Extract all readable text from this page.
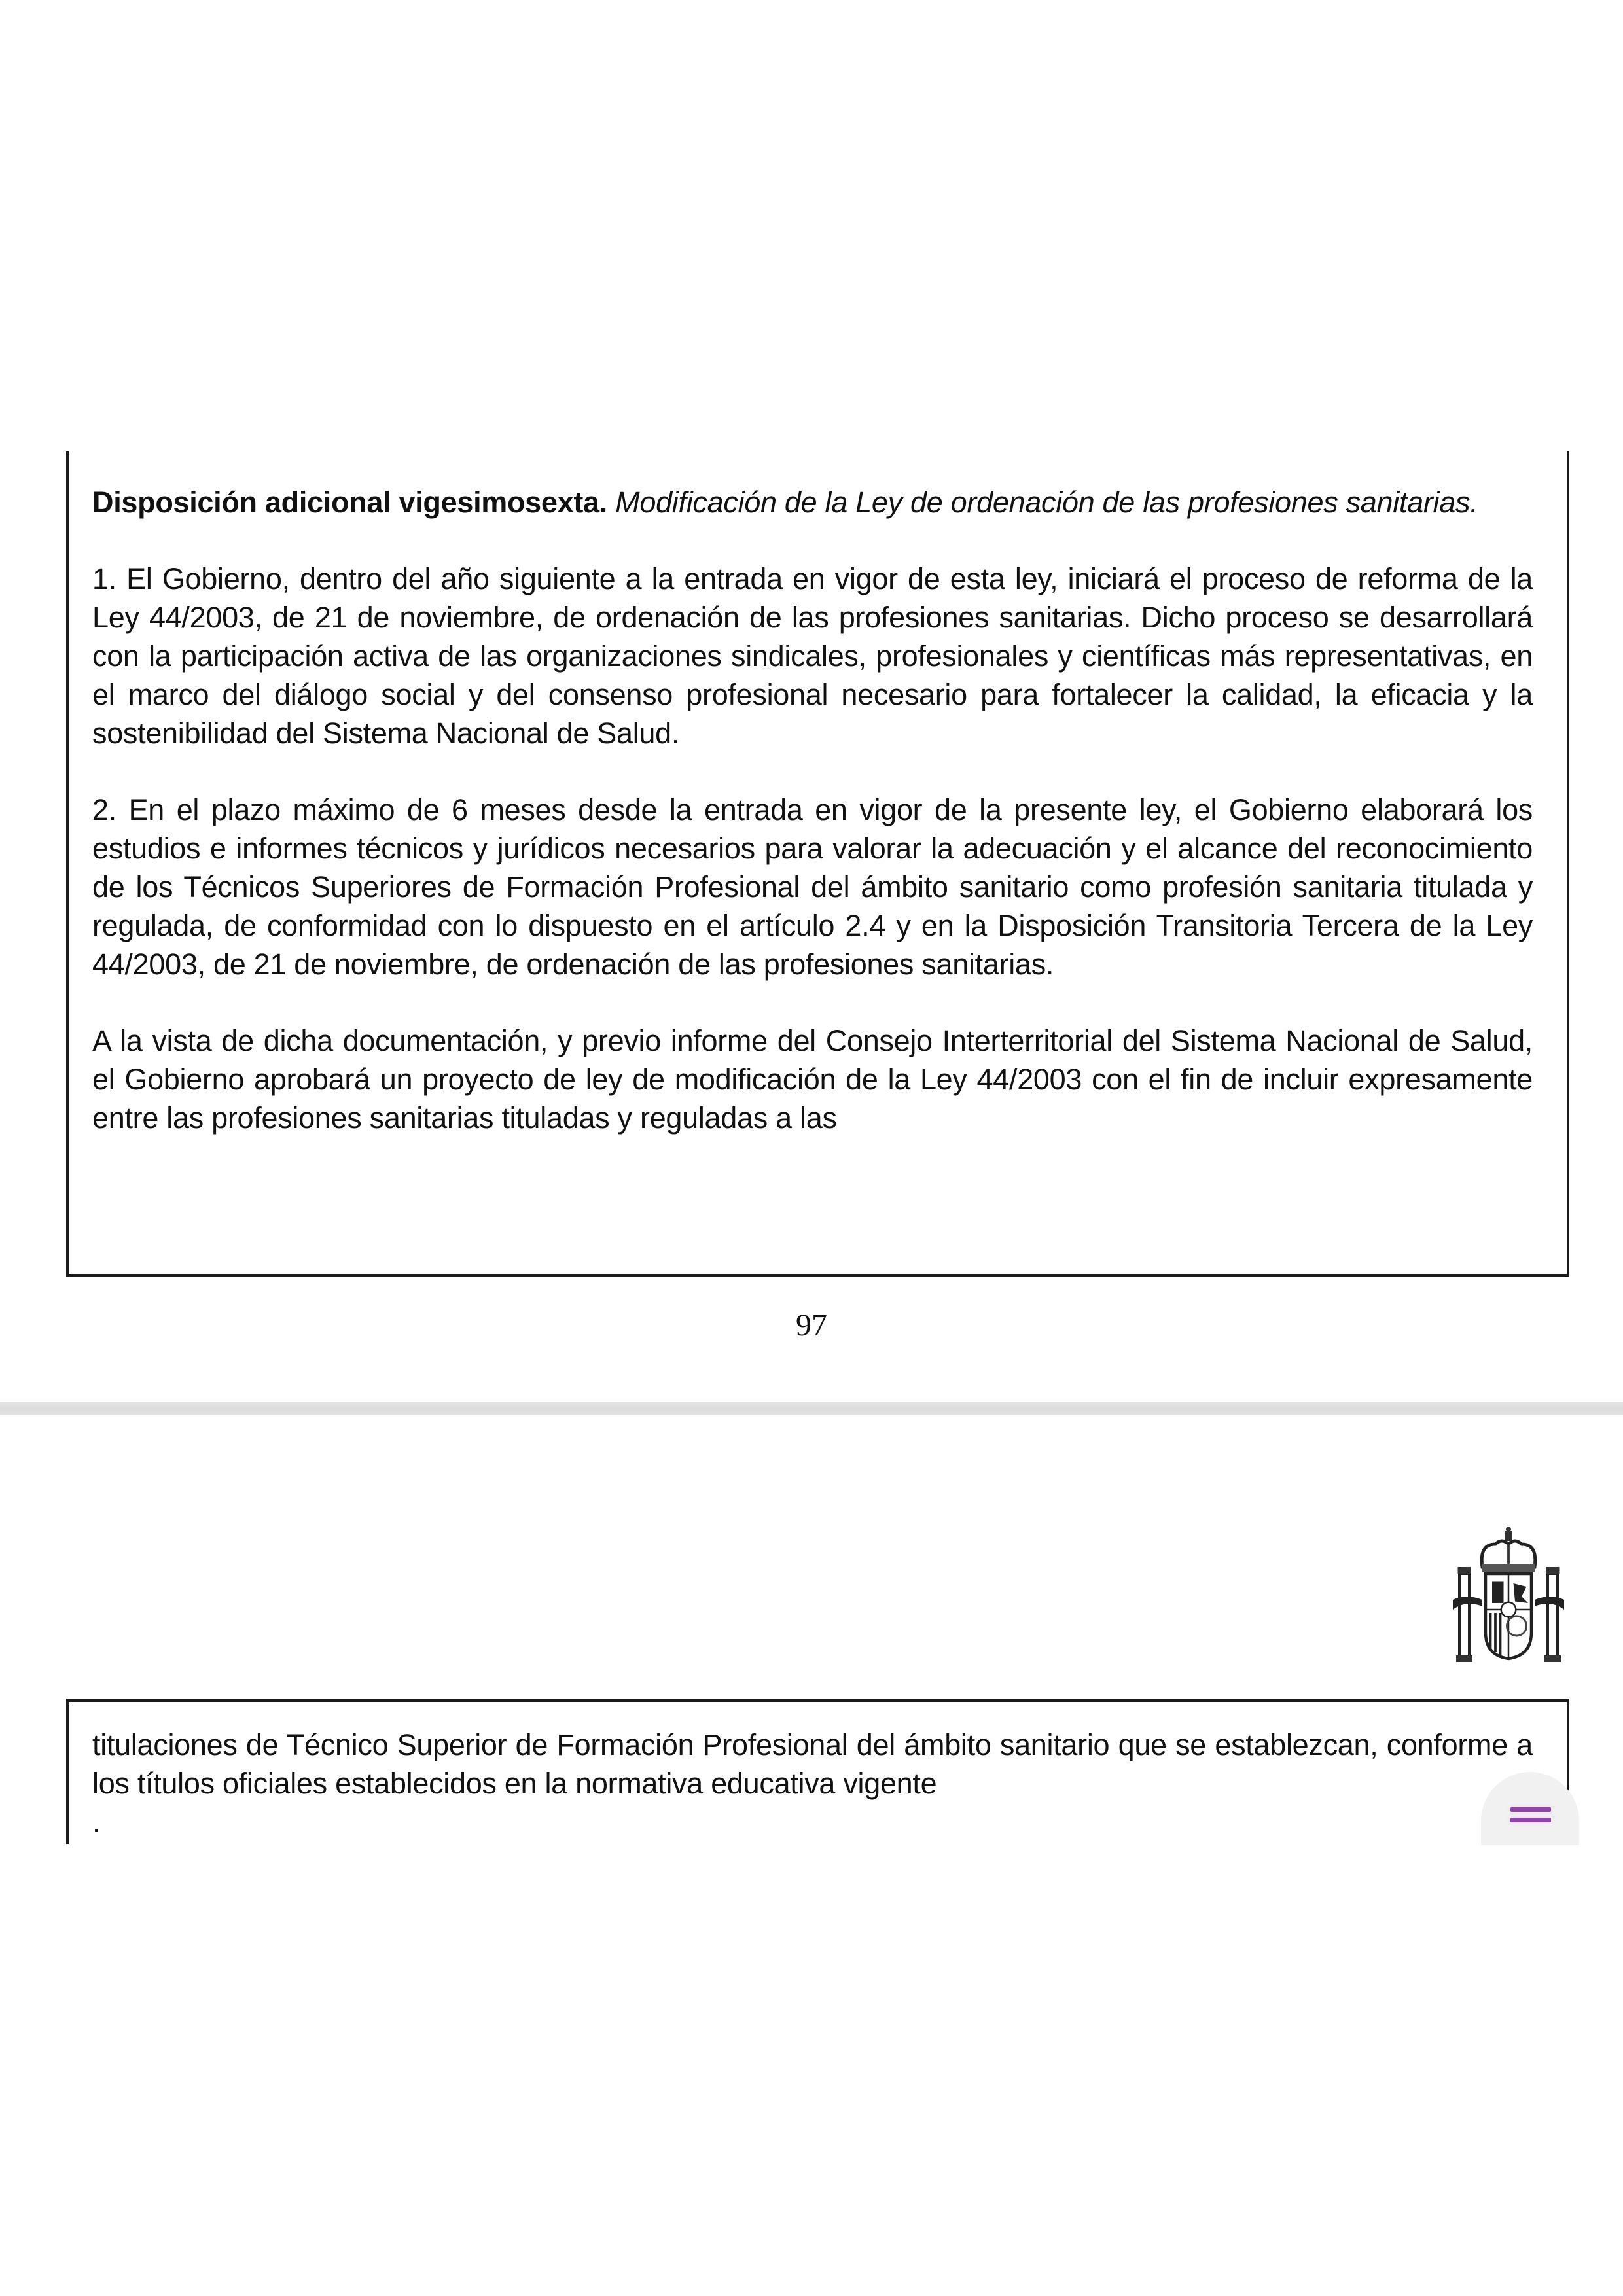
Disposición adicional vigesimosexta. Modificación de la Ley de ordenación de las profesiones sanitarias.

1. El Gobierno, dentro del año siguiente a la entrada en vigor de esta ley, iniciará el proceso de reforma de la Ley 44/2003, de 21 de noviembre, de ordenación de las profesiones sanitarias. Dicho proceso se desarrollará con la participación activa de las organizaciones sindicales, profesionales y científicas más representativas, en el marco del diálogo social y del consenso profesional necesario para fortalecer la calidad, la eficacia y la sostenibilidad del Sistema Nacional de Salud.

2. En el plazo máximo de 6 meses desde la entrada en vigor de la presente ley, el Gobierno elaborará los estudios e informes técnicos y jurídicos necesarios para valorar la adecuación y el alcance del reconocimiento de los Técnicos Superiores de Formación Profesional del ámbito sanitario como profesión sanitaria titulada y regulada, de conformidad con lo dispuesto en el artículo 2.4 y en la Disposición Transitoria Tercera de la Ley 44/2003, de 21 de noviembre, de ordenación de las profesiones sanitarias.

A la vista de dicha documentación, y previo informe del Consejo Interterritorial del Sistema Nacional de Salud, el Gobierno aprobará un proyecto de ley de modificación de la Ley 44/2003 con el fin de incluir expresamente entre las profesiones sanitarias tituladas y reguladas a las

97

titulaciones de Técnico Superior de Formación Profesional del ámbito sanitario que se establezcan, conforme a los títulos oficiales establecidos en la normativa educativa vigente

.
